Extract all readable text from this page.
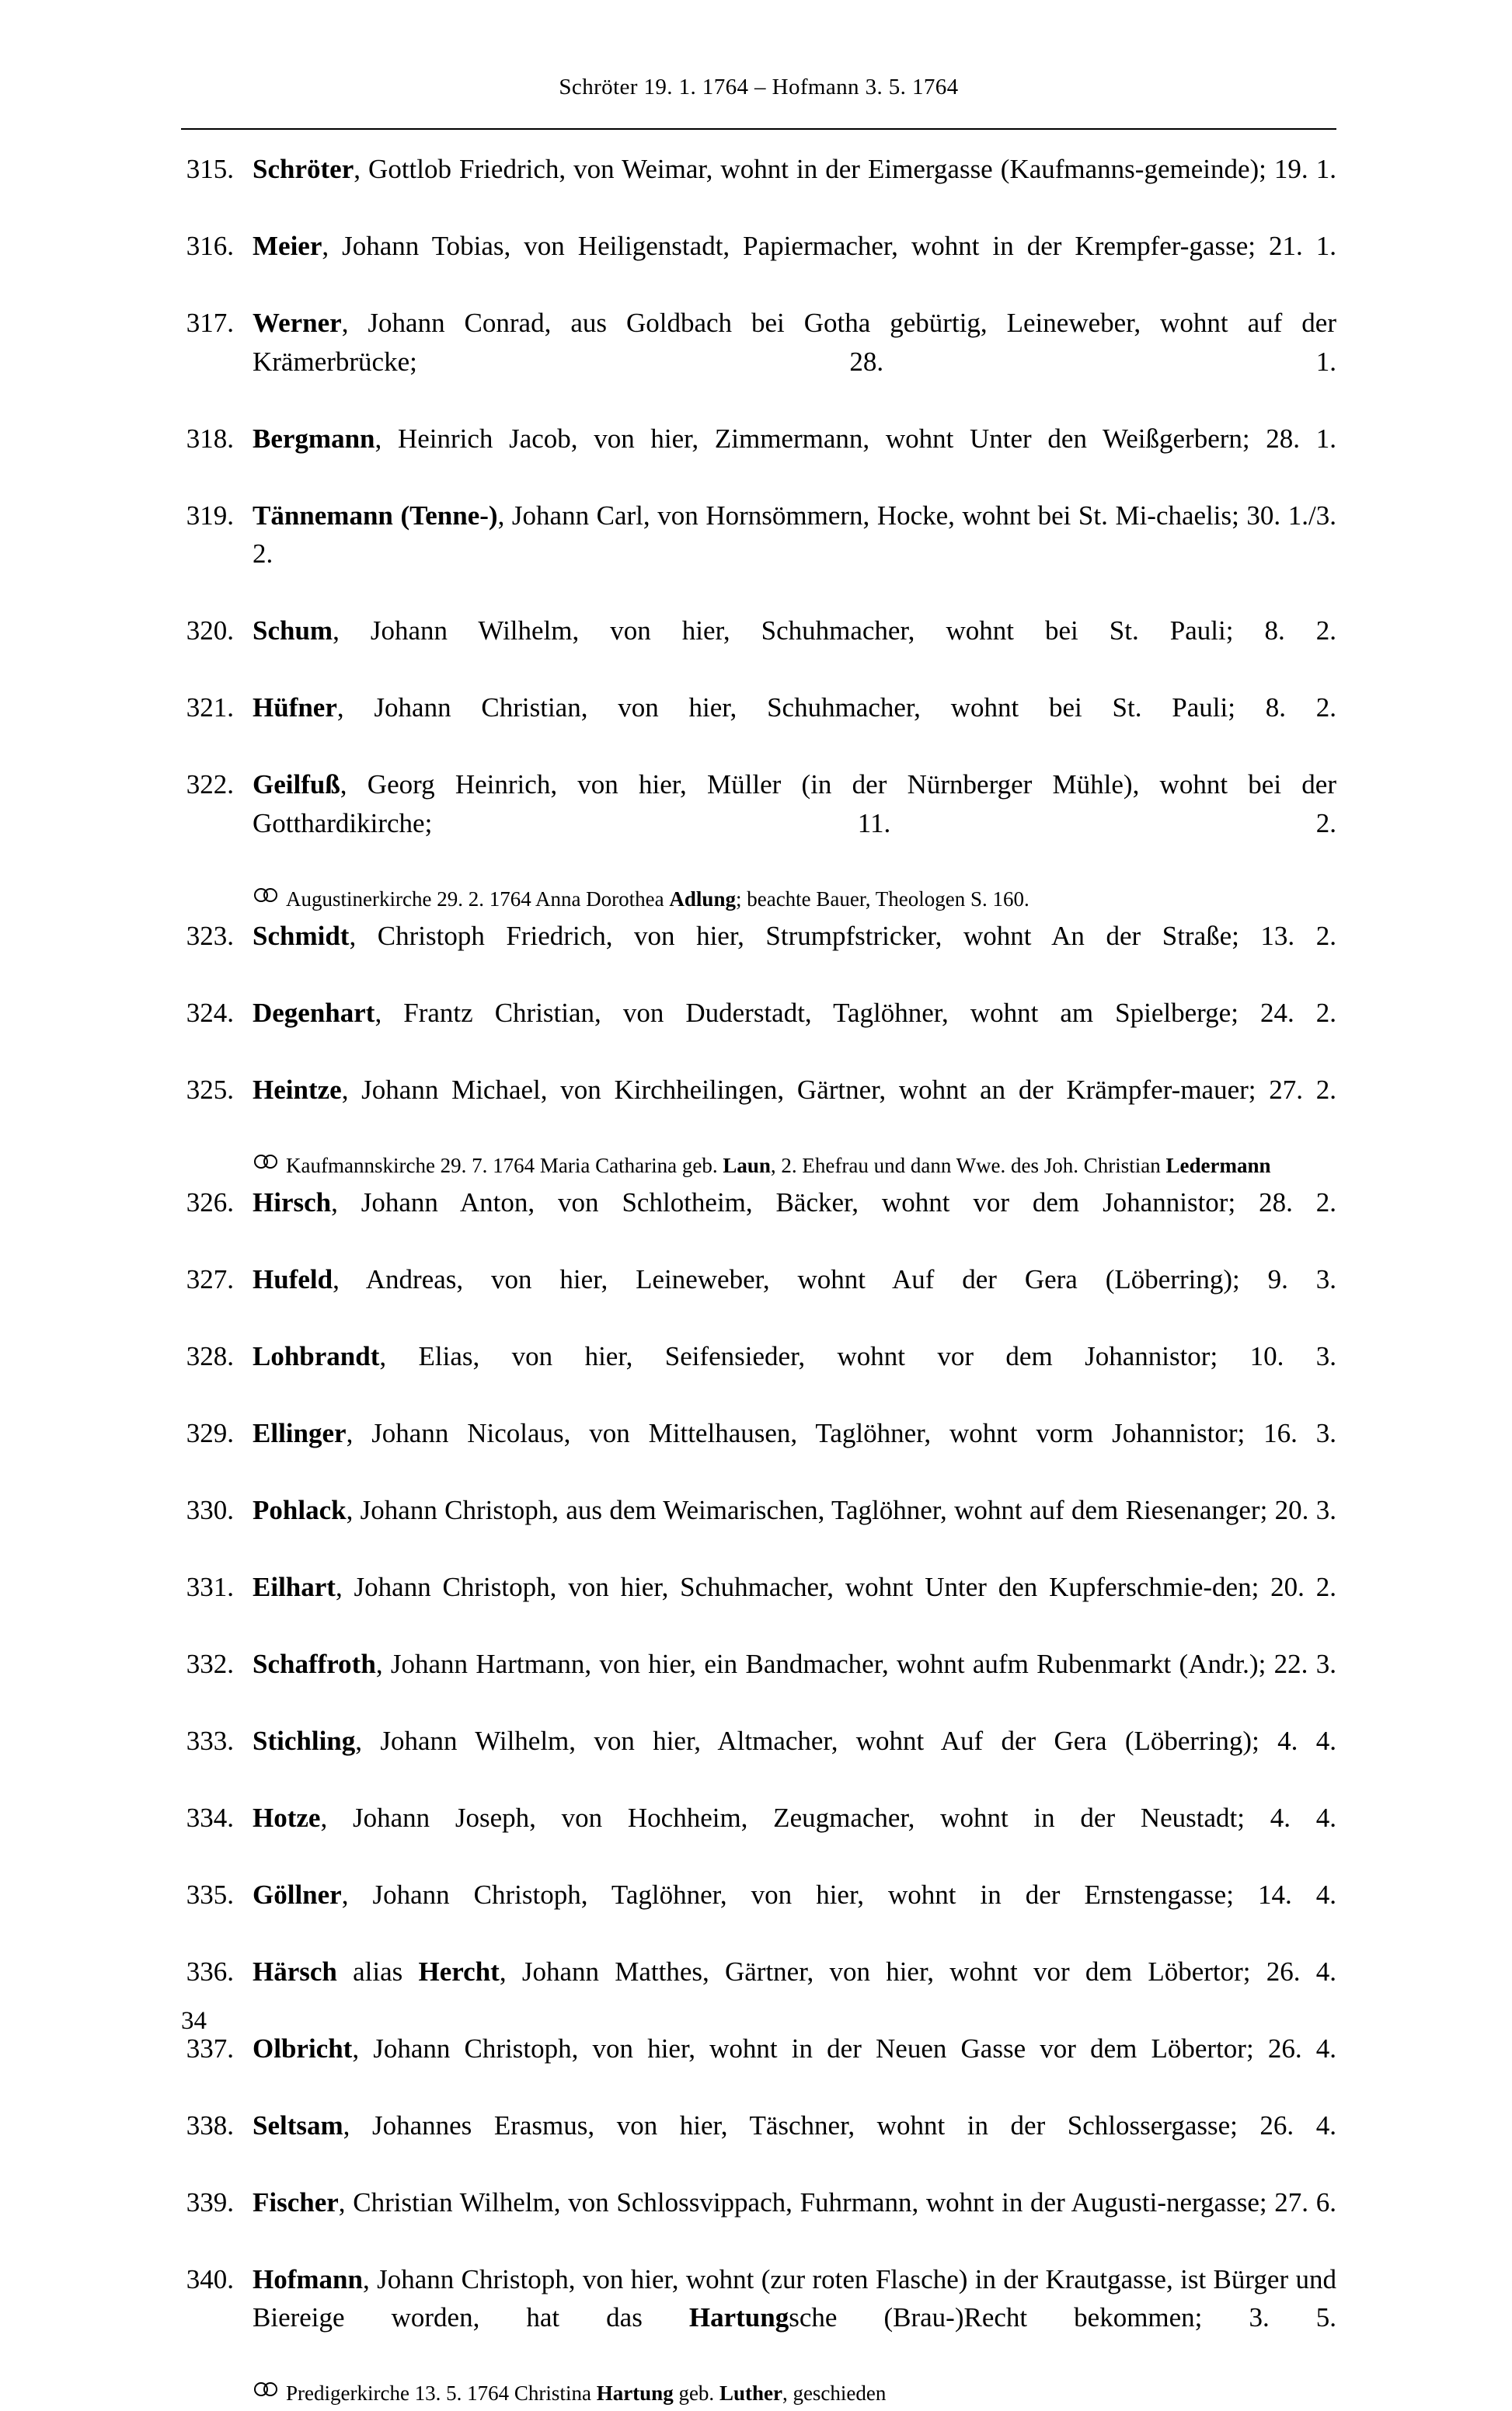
Schröter 19. 1. 1764 – Hofmann 3. 5. 1764
315. Schröter, Gottlob Friedrich, von Weimar, wohnt in der Eimergasse (Kaufmanns-gemeinde); 19. 1.
316. Meier, Johann Tobias, von Heiligenstadt, Papiermacher, wohnt in der Krempfer-gasse; 21. 1.
317. Werner, Johann Conrad, aus Goldbach bei Gotha gebürtig, Leineweber, wohnt auf der Krämerbrücke; 28. 1.
318. Bergmann, Heinrich Jacob, von hier, Zimmermann, wohnt Unter den Weißgerbern; 28. 1.
319. Tännemann (Tenne-), Johann Carl, von Hornsömmern, Hocke, wohnt bei St. Mi-chaelis; 30. 1./3. 2.
320. Schum, Johann Wilhelm, von hier, Schuhmacher, wohnt bei St. Pauli; 8. 2.
321. Hüfner, Johann Christian, von hier, Schuhmacher, wohnt bei St. Pauli; 8. 2.
322. Geilfuß, Georg Heinrich, von hier, Müller (in der Nürnberger Mühle), wohnt bei der Gotthardikirche; 11. 2.
Augustinerkirche 29. 2. 1764 Anna Dorothea Adlung; beachte Bauer, Theologen S. 160.
323. Schmidt, Christoph Friedrich, von hier, Strumpfstricker, wohnt An der Straße; 13. 2.
324. Degenhart, Frantz Christian, von Duderstadt, Taglöhner, wohnt am Spielberge; 24. 2.
325. Heintze, Johann Michael, von Kirchheilingen, Gärtner, wohnt an der Krämpfer-mauer; 27. 2.
Kaufmannskirche 29. 7. 1764 Maria Catharina geb. Laun, 2. Ehefrau und dann Wwe. des Joh. Christian Ledermann
326. Hirsch, Johann Anton, von Schlotheim, Bäcker, wohnt vor dem Johannistor; 28. 2.
327. Hufeld, Andreas, von hier, Leineweber, wohnt Auf der Gera (Löberring); 9. 3.
328. Lohbrandt, Elias, von hier, Seifensieder, wohnt vor dem Johannistor; 10. 3.
329. Ellinger, Johann Nicolaus, von Mittelhausen, Taglöhner, wohnt vorm Johannistor; 16. 3.
330. Pohlack, Johann Christoph, aus dem Weimarischen, Taglöhner, wohnt auf dem Riesenanger; 20. 3.
331. Eilhart, Johann Christoph, von hier, Schuhmacher, wohnt Unter den Kupferschmie-den; 20. 2.
332. Schaffroth, Johann Hartmann, von hier, ein Bandmacher, wohnt aufm Rubenmarkt (Andr.); 22. 3.
333. Stichling, Johann Wilhelm, von hier, Altmacher, wohnt Auf der Gera (Löberring); 4. 4.
334. Hotze, Johann Joseph, von Hochheim, Zeugmacher, wohnt in der Neustadt; 4. 4.
335. Göllner, Johann Christoph, Taglöhner, von hier, wohnt in der Ernstengasse; 14. 4.
336. Härsch alias Hercht, Johann Matthes, Gärtner, von hier, wohnt vor dem Löbertor; 26. 4.
337. Olbricht, Johann Christoph, von hier, wohnt in der Neuen Gasse vor dem Löbertor; 26. 4.
338. Seltsam, Johannes Erasmus, von hier, Täschner, wohnt in der Schlossergasse; 26. 4.
339. Fischer, Christian Wilhelm, von Schlossvippach, Fuhrmann, wohnt in der Augusti-nergasse; 27. 6.
340. Hofmann, Johann Christoph, von hier, wohnt (zur roten Flasche) in der Krautgasse, ist Bürger und Biereige worden, hat das Hartungsche (Brau-)Recht bekommen; 3. 5.
Predigerkirche 13. 5. 1764 Christina Hartung geb. Luther, geschieden
34
